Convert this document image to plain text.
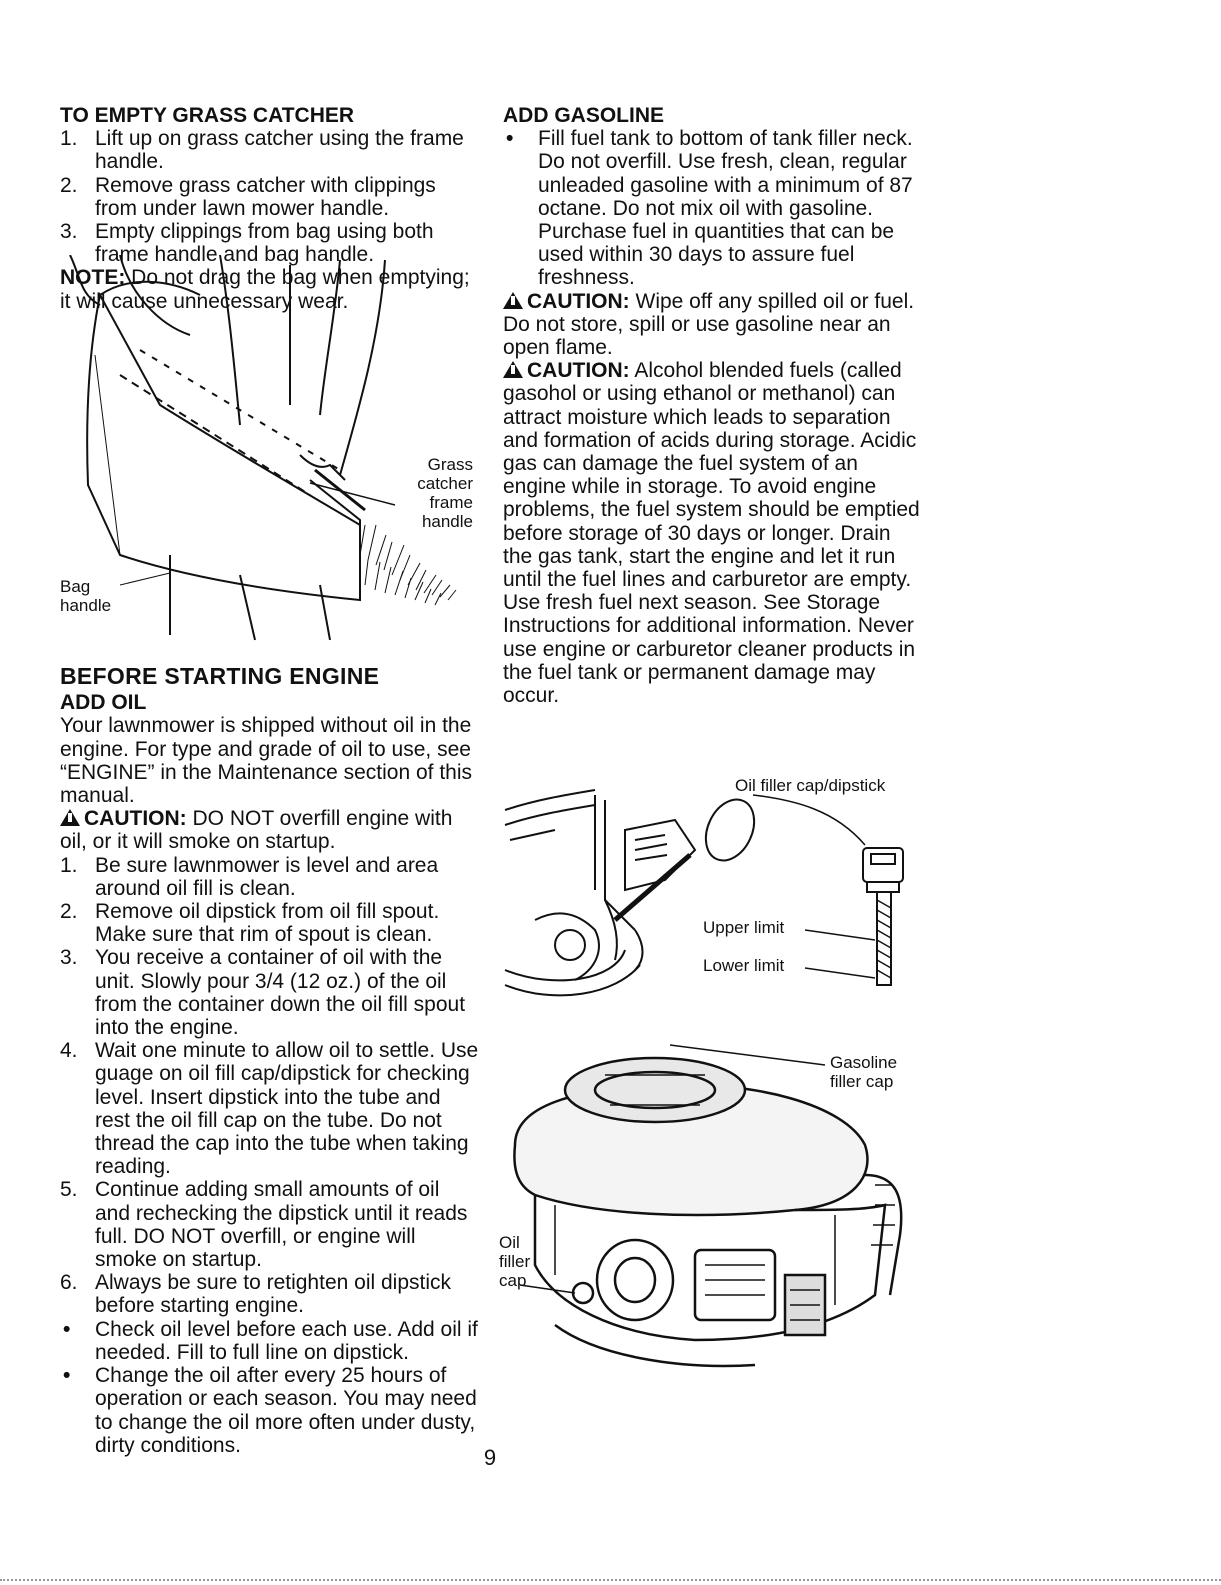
TO EMPTY GRASS CATCHER

1. Lift up on grass catcher using the frame handle.
2. Remove grass catcher with clippings from under lawn mower handle.
3. Empty clippings from bag using both frame handle and bag handle.

NOTE: Do not drag the bag when emptying; it will cause unnecessary wear.

Grass
catcher
frame
handle
Bag
handle

BEFORE STARTING ENGINE

ADD OIL

Your lawnmower is shipped without oil in the engine. For type and grade of oil to use, see “ENGINE” in the Maintenance section of this manual.

CAUTION: DO NOT overfill engine with oil, or it will smoke on startup.

1. Be sure lawnmower is level and area around oil fill is clean.
2. Remove oil dipstick from oil fill spout. Make sure that rim of spout is clean.
3. You receive a container of oil with the unit. Slowly pour 3/4 (12 oz.) of the oil from the container down the oil fill spout into the engine.
4. Wait one minute to allow oil to settle. Use guage on oil fill cap/dipstick for checking level. Insert dipstick into the tube and rest the oil fill cap on the tube. Do not thread the cap into the tube when taking reading.
5. Continue adding small amounts of oil and rechecking the dipstick until it reads full. DO NOT overfill, or engine will smoke on startup.
6. Always be sure to retighten oil dipstick before starting engine.
• Check oil level before each use. Add oil if needed. Fill to full line on dipstick.
• Change the oil after every 25 hours of operation or each season. You may need to change the oil more often under dusty, dirty conditions.

ADD GASOLINE

• Fill fuel tank to bottom of tank filler neck. Do not overfill. Use fresh, clean, regular unleaded gasoline with a minimum of 87 octane. Do not mix oil with gasoline. Purchase fuel in quantities that can be used within 30 days to assure fuel freshness.

CAUTION: Wipe off any spilled oil or fuel. Do not store, spill or use gasoline near an open flame.

CAUTION: Alcohol blended fuels (called gasohol or using ethanol or methanol) can attract moisture which leads to separation and formation of acids during storage. Acidic gas can damage the fuel system of an engine while in storage. To avoid engine problems, the fuel system should be emptied before storage of 30 days or longer. Drain the gas tank, start the engine and let it run until the fuel lines and carburetor are empty. Use fresh fuel next season. See Storage Instructions for additional information. Never use engine or carburetor cleaner products in the fuel tank or permanent damage may occur.

Oil filler cap/dipstick
Upper limit
Lower limit
Gasoline
filler cap
Oil
filler
cap
9
